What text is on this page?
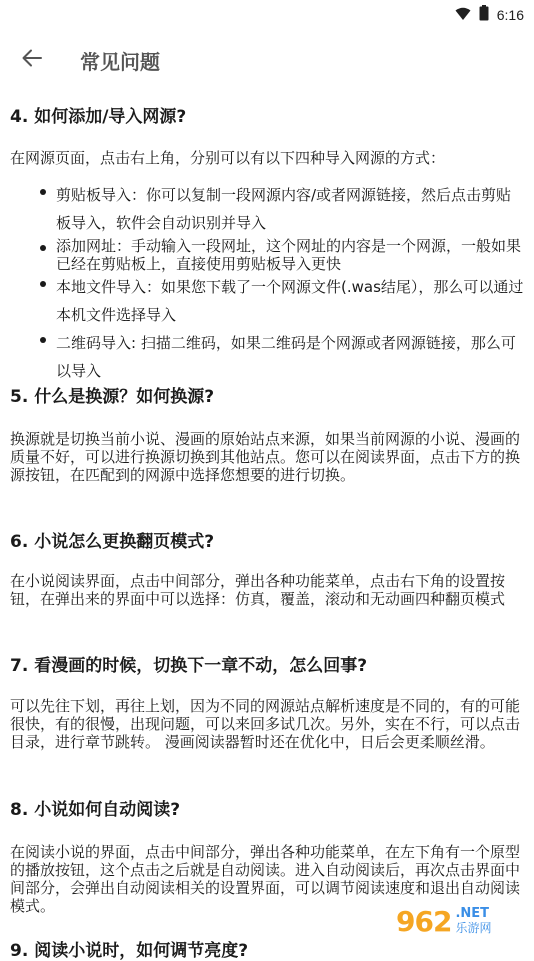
6:16
常见问题
4. 如何添加/导入网源?
在网源页面，点击右上角，分别可以有以下四种导入网源的方式：
剪贴板导入：你可以复制一段网源内容/或者网源链接，然后点击剪贴板导入，软件会自动识别并导入
添加网址：手动输入一段网址，这个网址的内容是一个网源，一般如果已经在剪贴板上，直接使用剪贴板导入更快
本地文件导入：如果您下载了一个网源文件(.was结尾），那么可以通过本机文件选择导入
二维码导入: 扫描二维码，如果二维码是个网源或者网源链接，那么可以导入
5. 什么是换源？如何换源?
换源就是切换当前小说、漫画的原始站点来源，如果当前网源的小说、漫画的质量不好，可以进行换源切换到其他站点。您可以在阅读界面，点击下方的换源按钮，在匹配到的网源中选择您想要的进行切换。
6. 小说怎么更换翻页模式?
在小说阅读界面，点击中间部分，弹出各种功能菜单，点击右下角的设置按钮，在弹出来的界面中可以选择：仿真，覆盖，滚动和无动画四种翻页模式
7. 看漫画的时候，切换下一章不动，怎么回事?
可以先往下划，再往上划，因为不同的网源站点解析速度是不同的，有的可能很快，有的很慢，出现问题，可以来回多试几次。另外，实在不行，可以点击目录，进行章节跳转。 漫画阅读器暂时还在优化中，日后会更柔顺丝滑。
8. 小说如何自动阅读?
在阅读小说的界面，点击中间部分，弹出各种功能菜单，在左下角有一个原型的播放按钮，这个点击之后就是自动阅读。进入自动阅读后，再次点击界面中间部分，会弹出自动阅读相关的设置界面，可以调节阅读速度和退出自动阅读模式。
9. 阅读小说时，如何调节亮度?
962 .NET
乐游网
